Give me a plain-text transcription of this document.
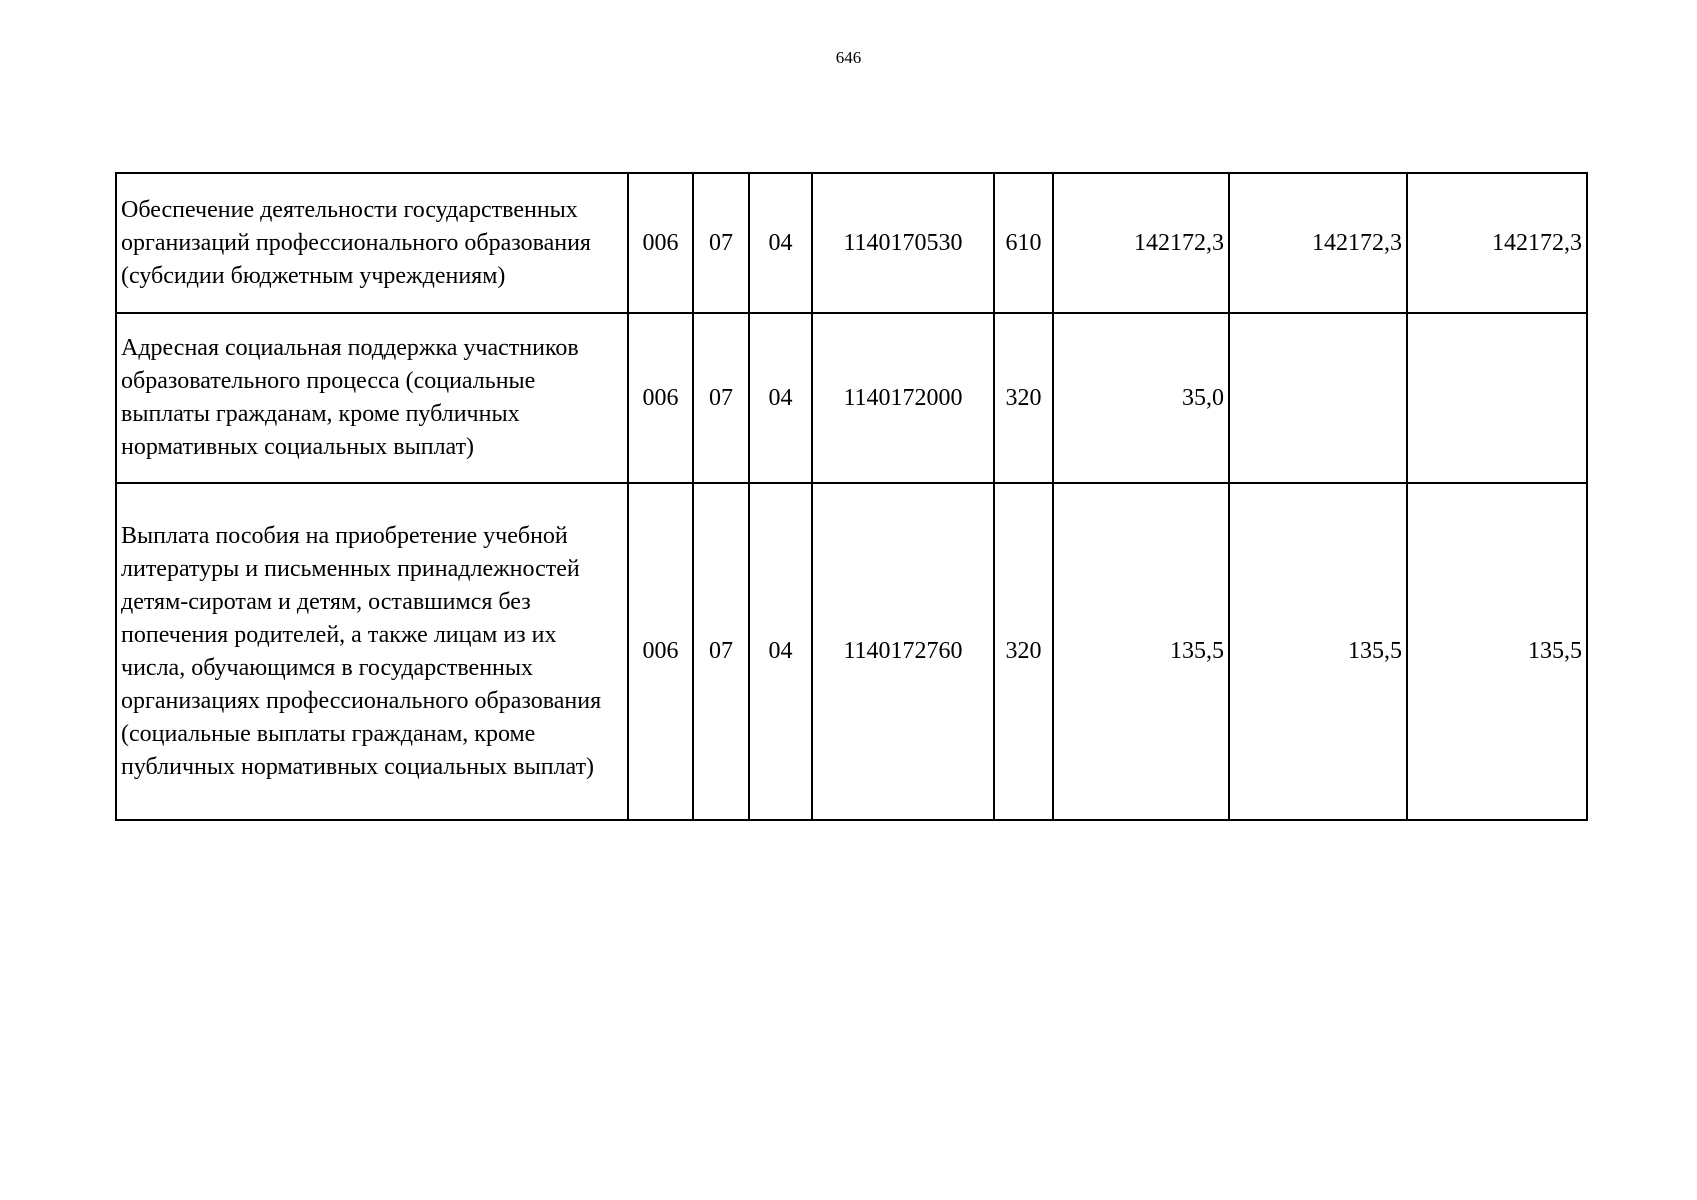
646
Обеспечение деятельности государственных организаций профессионального образования (субсидии бюджетным учреждениям)	006	07	04	1140170530	610	142172,3	142172,3	142172,3
Адресная социальная поддержка участников образовательного процесса (социальные выплаты гражданам, кроме публичных нормативных социальных выплат)	006	07	04	1140172000	320	35,0		
Выплата пособия на приобретение учебной литературы и письменных принадлежностей детям-сиротам и детям, оставшимся без попечения родителей, а также лицам из их числа, обучающимся в государственных организациях профессионального образования (социальные выплаты гражданам, кроме публичных нормативных социальных выплат)	006	07	04	1140172760	320	135,5	135,5	135,5
